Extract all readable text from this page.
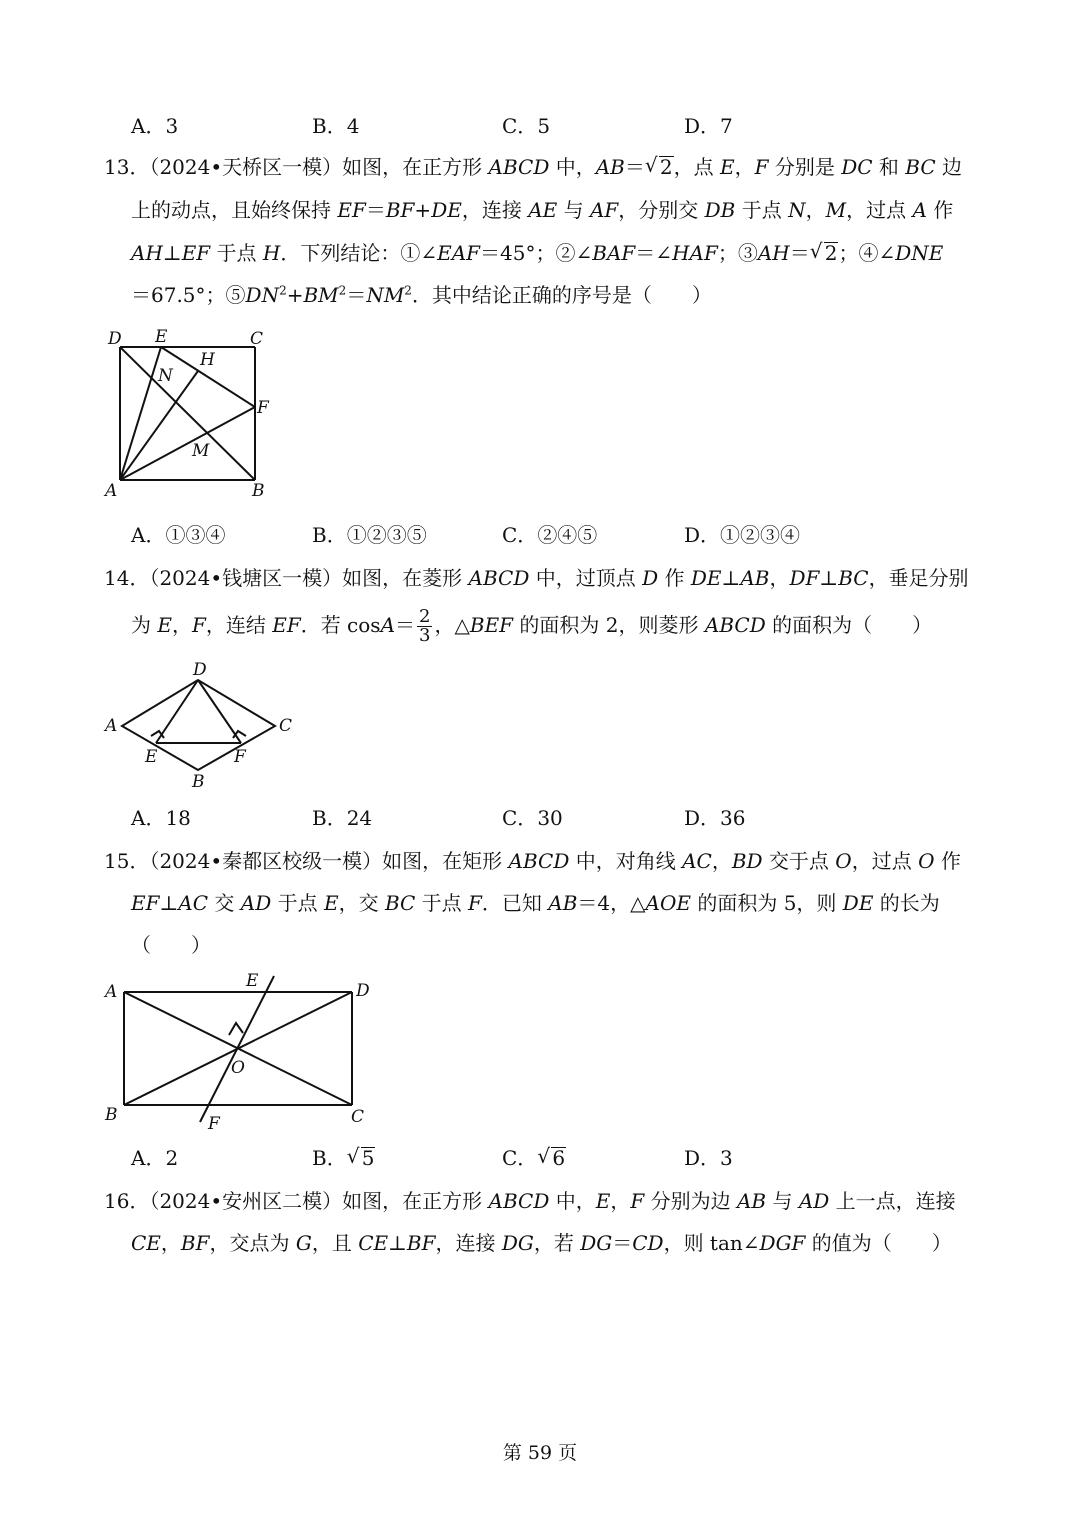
A．3	B．4	C．5	D．7
13．（2024•天桥区一模）如图，在正方形 ABCD 中，AB＝ √ 2，点 E，F 分别是 DC 和 BC 边
上的动点，且始终保持 EF＝BF+DE，连接 AE 与 AF，分别交 DB 于点 N，M，过点 A 作
AH⊥EF 于点 H．下列结论：①∠EAF＝45°；②∠BAF＝∠HAF；③AH＝ √ 2；④∠DNE
＝67.5°；$⑤DN^2+BM^2=NM^2$．其中结论正确的序号是（　　）
D E	C
H
N
F
M
A	B
A．①③④	B．①②③⑤	C．②④⑤	D．①②③④
14．（2024•钱塘区一模）如图，在菱形 ABCD 中，过顶点 D 作 DE⊥AB，DF⊥BC，垂足分别
为 E，F，连结 EF．若 $\cos A= \frac{2}{3}$ ，△BEF 的面积为 2，则菱形 ABCD 的面积为（　　）
D
A	C
E	F
B
A．18	B．24	C．30	D．36
15．（2024•秦都区校级一模）如图，在矩形 ABCD 中，对角线 AC，BD 交于点 O，过点 O 作
EF⊥AC 交 AD 于点 E，交 BC 于点 F．已知 AB＝4，△AOE 的面积为 5，则 DE 的长为
（　　）
A
E	D
O
B	F	C
A．2	B． √ 5	C． √ 6	D．3
16．（2024•安州区二模）如图，在正方形 ABCD 中，E，F 分别为边 AB 与 AD 上一点，连接
CE，BF，交点为 G，且 CE⊥BF，连接 DG，若 DG＝CD，则 tan∠DGF 的值为（　　）
第 59 页
